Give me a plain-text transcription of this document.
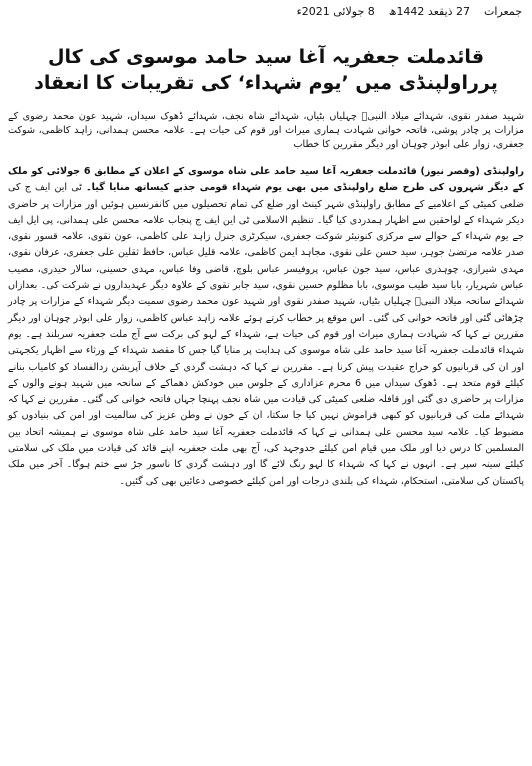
جمعرات
27 ذیقعد 1442ھ
8 جولائی 2021ء
قائدملت جعفریہ آغا سید حامد موسوی کی کال پرراولپنڈی میں ’یوم شہداء‘ کی تقریبات کا انعقاد
شہید صفدر نقوی، شہدائے میلاد النبیؐ چہلیاں بٹیاں، شہدائے شاہ نجف، شہدائے ڈھوک سیداں، شہید عون محمد رضوی کے مزارات پر چادر پوشی، فاتحہ خوانی شہادت ہماری میراث اور قوم کی حیات ہے۔ علامہ محسن ہمدانی، زاہد کاظمی، شوکت جعفری، زوار علی ابوذر چوہان اور دیگر مقررین کا خطاب
راولپنڈی (وقصر نیوز) قائدملت جعفریہ آغا سید حامد علی شاہ موسوی کے اعلان کے مطابق 6 جولائی کو ملک کے دیگر شہروں کی طرح ضلع راولپنڈی میں بھی یوم شہداء قومی جذبے کیساتھ منایا گیا۔ ٹی این ایف ج کی ضلعی کمیٹی کے اعلامیے کے مطابق راولپنڈی شہر کینٹ اور ضلع کی تمام تحصیلوں میں کانفرنسیں ہوئیں اور مزارات پر حاضری دیکر شہداء کے لواحقین سے اظہار ہمدردی کیا گیا۔ تنظیم الاسلامی ٹی این ایف ج پنجاب علامہ محسن علی ہمدانی، پی ایل ایف جے یوم شہداء کے حوالے سے مرکزی کنونیئر شوکت جعفری، سیکرٹری جنرل زاہد علی کاظمی، عون نقوی، علامہ قسور نقوی، صدر علامہ مرتضیٰ جوہر، سید حسن علی نقوی، مجاہد ایمن کاظمی، علامہ قلیل عباس، حافظ ثقلین علی جعفری، عرفان نقوی، مہدی شیرازی، چوہدری عباس، سید جون عباس، پروفیسر عباس بلوچ، قاضی وفا عباس، مہدی حسینی، سالار حیدری، مصیب عباس شہریار، بابا سید طیب موسوی، بابا مظلوم حسین نقوی، سید جابر نقوی کے علاوہ دیگر عہدیداروں نے شرکت کی۔ بعدازاں شہدائے سانحہ میلاد النبیؐ چہلیاں بٹیاں، شہید صفدر نقوی اور شہید عون محمد رضوی سمیت دیگر شہداء کے مزارات پر چادر چڑھائی گئی اور فاتحہ خوانی کی گئی۔ اس موقع پر خطاب کرتے ہوئے علامہ زاہد عباس کاظمی، زوار علی ابوذر چوہان اور دیگر مقررین نے کہا کہ شہادت ہماری میراث اور قوم کی حیات ہے، شہداء کے لہو کی برکت سے آج ملت جعفریہ سربلند ہے۔ یوم شہداء قائدملت جعفریہ آغا سید حامد علی شاہ موسوی کی ہدایت پر منایا گیا جس کا مقصد شہداء کے ورثاء سے اظہار یکجہتی اور ان کی قربانیوں کو خراج عقیدت پیش کرنا ہے۔ مقررین نے کہا کہ دہشت گردی کے خلاف آپریشن ردالفساد کو کامیاب بنانے کیلئے قوم متحد ہے۔ ڈھوک سیداں میں 6 محرم عزاداری کے جلوس میں خودکش دھماکے کے سانحہ میں شہید ہونے والوں کے مزارات پر حاضری دی گئی اور قافلہ ضلعی کمیٹی کی قیادت میں شاہ نجف پہنچا جہاں فاتحہ خوانی کی گئی۔ مقررین نے کہا کہ شہدائے ملت کی قربانیوں کو کبھی فراموش نہیں کیا جا سکتا، ان کے خون نے وطن عزیز کی سالمیت اور امن کی بنیادوں کو مضبوط کیا۔ علامہ سید محسن علی ہمدانی نے کہا کہ قائدملت جعفریہ آغا سید حامد علی شاہ موسوی نے ہمیشہ اتحاد بین المسلمین کا درس دیا اور ملک میں قیام امن کیلئے جدوجہد کی، آج بھی ملت جعفریہ اپنے قائد کی قیادت میں ملک کی سلامتی کیلئے سینہ سپر ہے۔ انہوں نے کہا کہ شہداء کا لہو رنگ لائے گا اور دہشت گردی کا ناسور جڑ سے ختم ہوگا۔ آخر میں ملک پاکستان کی سلامتی، استحکام، شہداء کی بلندی درجات اور امن کیلئے خصوصی دعائیں بھی کی گئیں۔
